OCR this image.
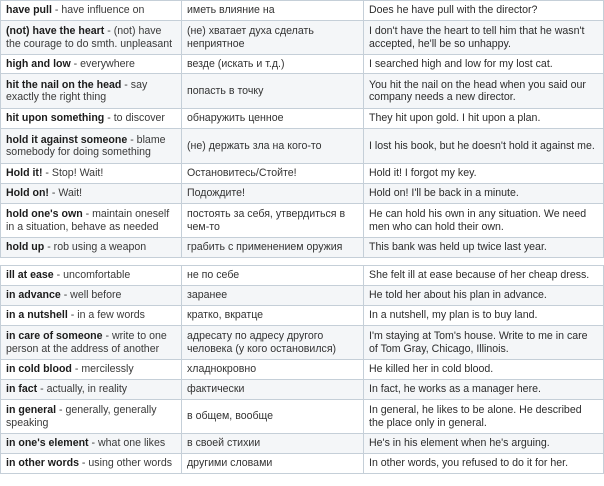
have pull - have influence on	иметь влияние на	Does he have pull with the director?
(not) have the heart - (not) have the courage to do smth. unpleasant	(не) хватает духа сделать неприятное	I don't have the heart to tell him that he wasn't accepted, he'll be so unhappy.
high and low - everywhere	везде (искать и т.д.)	I searched high and low for my lost cat.
hit the nail on the head - say exactly the right thing	попасть в точку	You hit the nail on the head when you said our company needs a new director.
hit upon something - to discover	обнаружить ценное	They hit upon gold. I hit upon a plan.
hold it against someone - blame somebody for doing something	(не) держать зла на кого-то	I lost his book, but he doesn't hold it against me.
Hold it! - Stop! Wait!	Остановитесь/Стойте!	Hold it! I forgot my key.
Hold on! - Wait!	Подождите!	Hold on! I'll be back in a minute.
hold one's own - maintain oneself in a situation, behave as needed	постоять за себя, утвердиться в чем-то	He can hold his own in any situation. We need men who can hold their own.
hold up - rob using a weapon	грабить с применением оружия	This bank was held up twice last year.

ill at ease - uncomfortable	не по себе	She felt ill at ease because of her cheap dress.
in advance - well before	заранее	He told her about his plan in advance.
in a nutshell - in a few words	кратко, вкратце	In a nutshell, my plan is to buy land.
in care of someone - write to one person at the address of another	адресату по адресу другого человека (у кого остановился)	I'm staying at Tom's house. Write to me in care of Tom Gray, Chicago, Illinois.
in cold blood - mercilessly	хладнокровно	He killed her in cold blood.
in fact - actually, in reality	фактически	In fact, he works as a manager here.
in general - generally, generally speaking	в общем, вообще	In general, he likes to be alone. He described the place only in general.
in one's element - what one likes	в своей стихии	He's in his element when he's arguing.
in other words - using other words	другими словами	In other words, you refused to do it for her.
